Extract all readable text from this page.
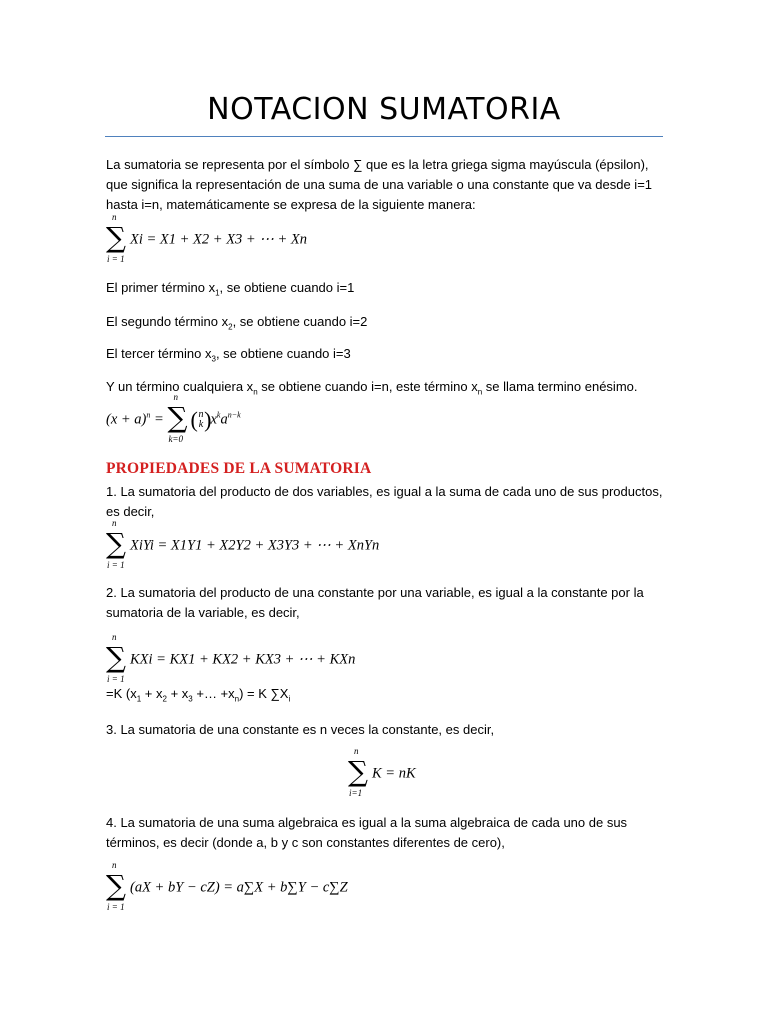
NOTACION SUMATORIA
La sumatoria se representa por el símbolo ∑ que es la letra griega sigma mayúscula (épsilon), que significa la representación de una suma de una variable o una constante que va desde i=1 hasta i=n, matemáticamente se expresa de la siguiente manera:
n
∑
i = 1
Xi = X1 + X2 + X3 + ⋯ + Xn
El primer término $x_1$, se obtiene cuando i=1
El segundo término $x_2$, se obtiene cuando i=2
El tercer término $x_3$, se obtiene cuando i=3
Y un término cualquiera $x_n$ se obtiene cuando i=n, este término $x_n$ se llama termino enésimo.
$(x + a)^n$ =
n
∑
k=0
( n
k ) $x^ka^{n-k}$
PROPIEDADES DE LA SUMATORIA
1. La sumatoria del producto de dos variables, es igual a la suma de cada uno de sus productos, es decir,
n
∑
i = 1
XiYi = X1Y1 + X2Y2 + X3Y3 + ⋯ + XnYn
2. La sumatoria del producto de una constante por una variable, es igual a la constante por la sumatoria de la variable, es decir,
n
∑
i = 1
KXi = KX1 + KX2 + KX3 + ⋯ + KXn
=K ($x_1 + x_2 + x_3$ +… $+x_n) = K$ $\sum X_i$
3. La sumatoria de una constante es n veces la constante, es decir,
n
∑
i=1
K = nK
4. La sumatoria de una suma algebraica es igual a la suma algebraica de cada uno de sus términos, es decir (donde a, b y c son constantes diferentes de cero),
n
∑
i = 1
(aX + bY − cZ) = a∑X + b∑Y − c∑Z
